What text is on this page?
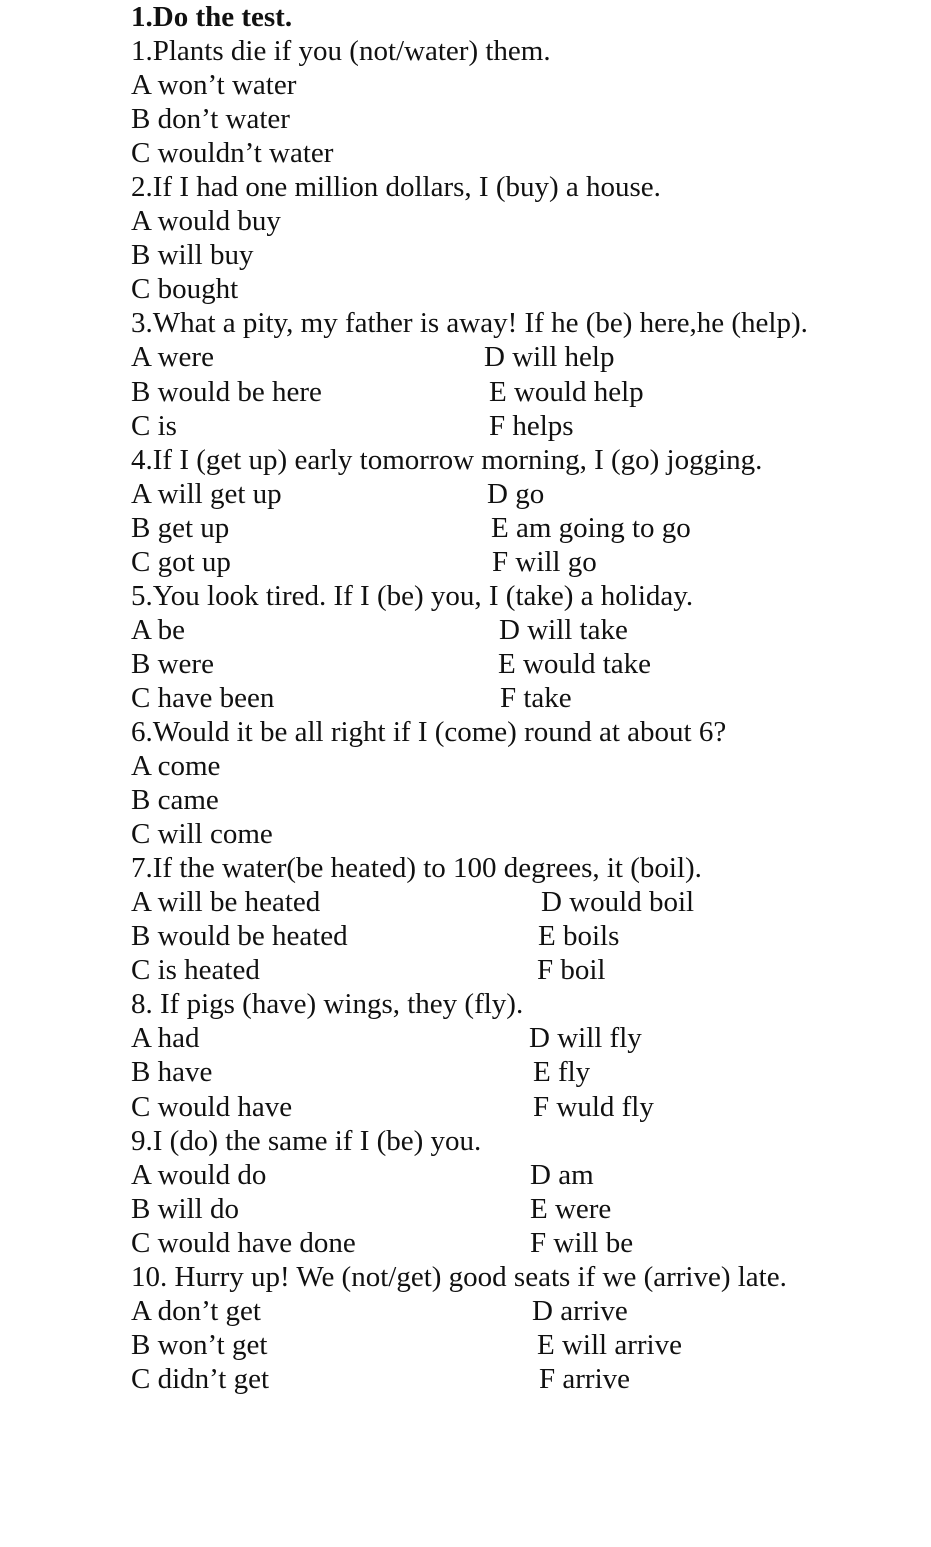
1.Do the test.
1.Plants die if you (not/water) them.
A won’t water
B don’t water
C wouldn’t water
2.If I had one million dollars, I (buy) a house.
A would buy
B will buy
C bought
3.What a pity, my father is away! If he (be) here,he (help).
A were	D will help
B would be here	E would help
C is	F helps
4.If I (get up) early tomorrow morning, I (go) jogging.
A will get up	D go
B get up	E am going to go
C got up	F will go
5.You look tired. If I (be) you, I (take) a holiday.
A be	D will take
B were	E would take
C have been	F take
6.Would it be all right if I (come) round at about 6?
A come
B came
C will come
7.If the water(be heated) to 100 degrees, it (boil).
A will be heated	D would boil
B would be heated	E boils
C is heated	F boil
8. If pigs (have) wings, they (fly).
A had	D will fly
B have	E fly
C would have	F wuld fly
9.I (do) the same if I (be) you.
A would do	D am
B will do	E were
C would have done	F will be
10. Hurry up! We (not/get) good seats if we (arrive) late.
A don’t get	D arrive
B won’t get	E will arrive
C didn’t get	F arrive
